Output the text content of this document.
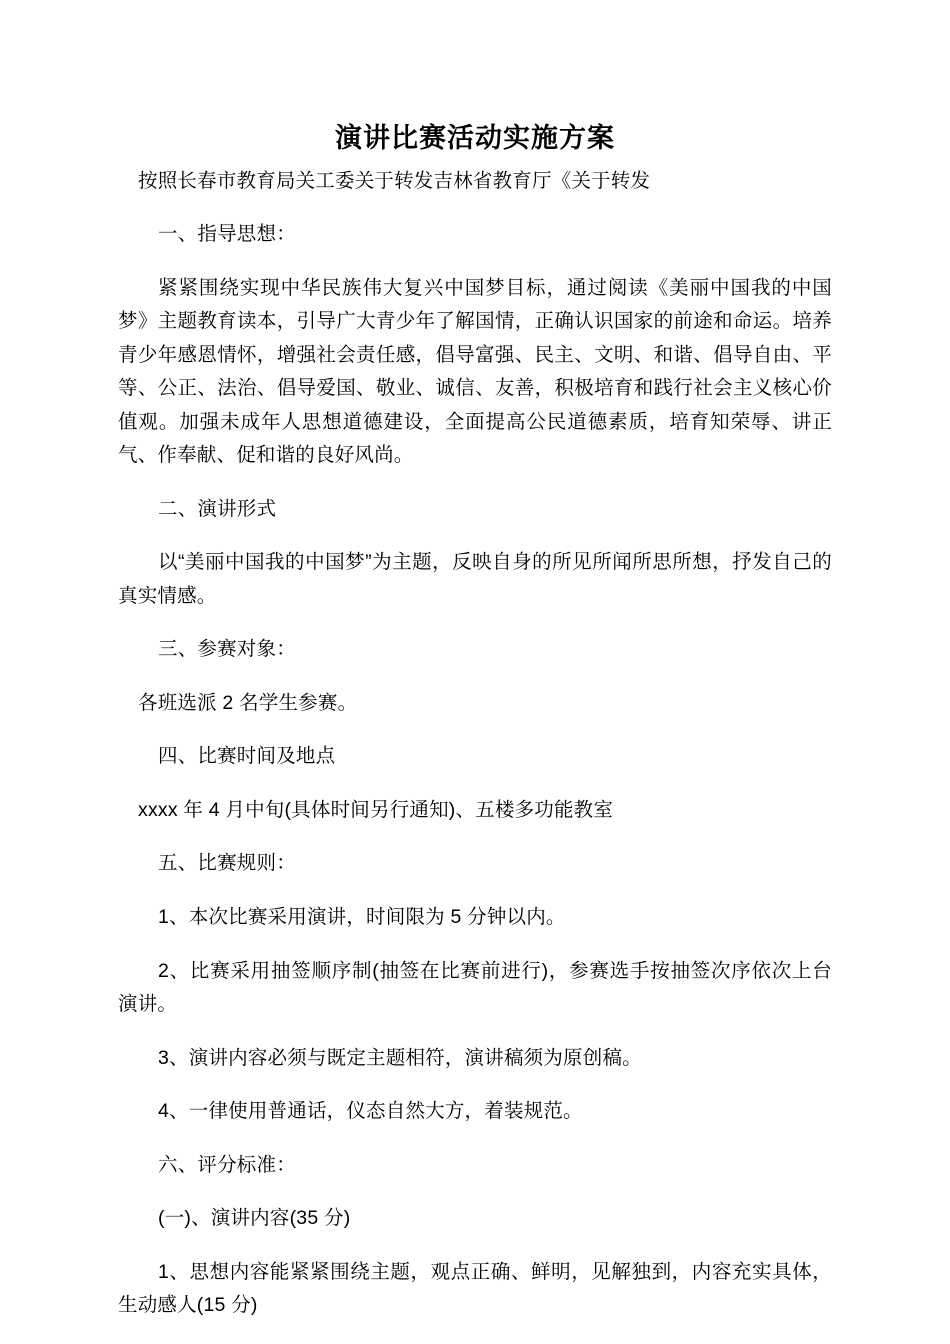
演讲比赛活动实施方案

按照长春市教育局关工委关于转发吉林省教育厅《关于转发

一、指导思想：

紧紧围绕实现中华民族伟大复兴中国梦目标，通过阅读《美丽中国我的中国梦》主题教育读本，引导广大青少年了解国情，正确认识国家的前途和命运。培养青少年感恩情怀，增强社会责任感，倡导富强、民主、文明、和谐、倡导自由、平等、公正、法治、倡导爱国、敬业、诚信、友善，积极培育和践行社会主义核心价值观。加强未成年人思想道德建设，全面提高公民道德素质，培育知荣辱、讲正气、作奉献、促和谐的良好风尚。

二、演讲形式

以“美丽中国我的中国梦”为主题，反映自身的所见所闻所思所想，抒发自己的真实情感。

三、参赛对象：

各班选派 2 名学生参赛。

四、比赛时间及地点

xxxx 年 4 月中旬(具体时间另行通知)、五楼多功能教室

五、比赛规则：

1、本次比赛采用演讲，时间限为 5 分钟以内。

2、比赛采用抽签顺序制(抽签在比赛前进行)，参赛选手按抽签次序依次上台演讲。

3、演讲内容必须与既定主题相符，演讲稿须为原创稿。

4、一律使用普通话，仪态自然大方，着装规范。

六、评分标准：

(一)、演讲内容(35 分)

1、思想内容能紧紧围绕主题，观点正确、鲜明，见解独到，内容充实具体，生动感人(15 分)
